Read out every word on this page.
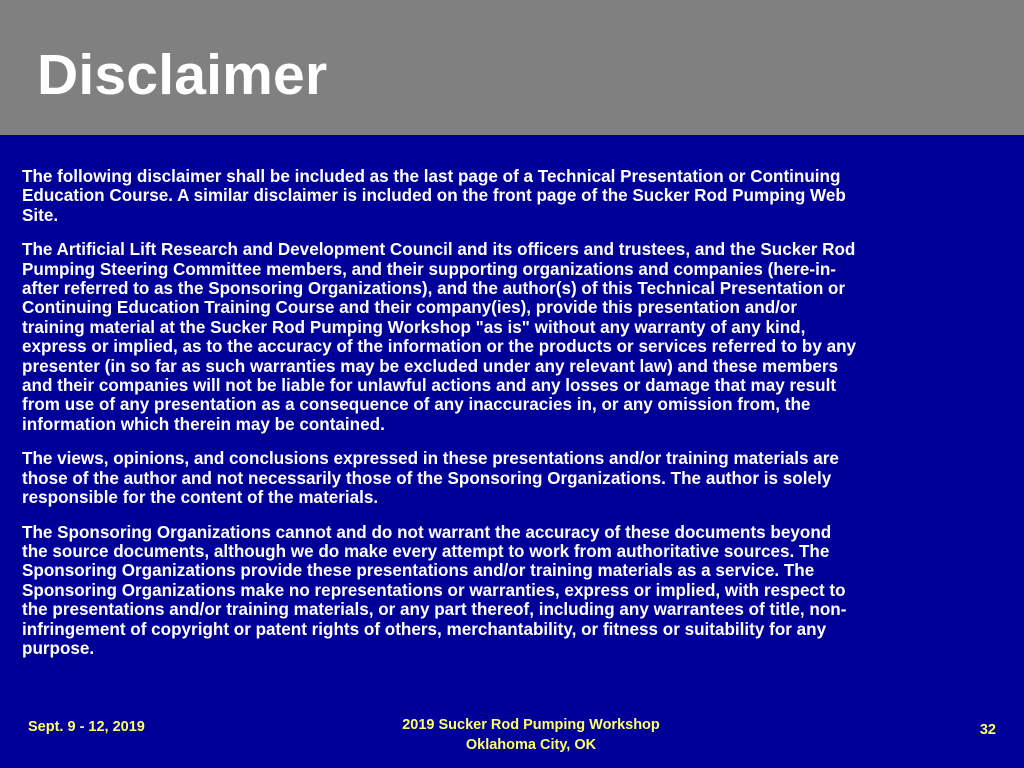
Disclaimer

The following disclaimer shall be included as the last page of a Technical Presentation or Continuing
Education Course. A similar disclaimer is included on the front page of the Sucker Rod Pumping Web
Site.

The Artificial Lift Research and Development Council and its officers and trustees, and the Sucker Rod
Pumping Steering Committee members, and their supporting organizations and companies (here-in-
after referred to as the Sponsoring Organizations), and the author(s) of this Technical Presentation or
Continuing Education Training Course and their company(ies), provide this presentation and/or
training material at the Sucker Rod Pumping Workshop "as is" without any warranty of any kind,
express or implied, as to the accuracy of the information or the products or services referred to by any
presenter (in so far as such warranties may be excluded under any relevant law) and these members
and their companies will not be liable for unlawful actions and any losses or damage that may result
from use of any presentation as a consequence of any inaccuracies in, or any omission from, the
information which therein may be contained.

The views, opinions, and conclusions expressed in these presentations and/or training materials are
those of the author and not necessarily those of the Sponsoring Organizations. The author is solely
responsible for the content of the materials.

The Sponsoring Organizations cannot and do not warrant the accuracy of these documents beyond
the source documents, although we do make every attempt to work from authoritative sources. The
Sponsoring Organizations provide these presentations and/or training materials as a service. The
Sponsoring Organizations make no representations or warranties, express or implied, with respect to
the presentations and/or training materials, or any part thereof, including any warrantees of title, non-
infringement of copyright or patent rights of others, merchantability, or fitness or suitability for any
purpose.

Sept. 9 - 12, 2019	2019 Sucker Rod Pumping Workshop
Oklahoma City, OK
32
